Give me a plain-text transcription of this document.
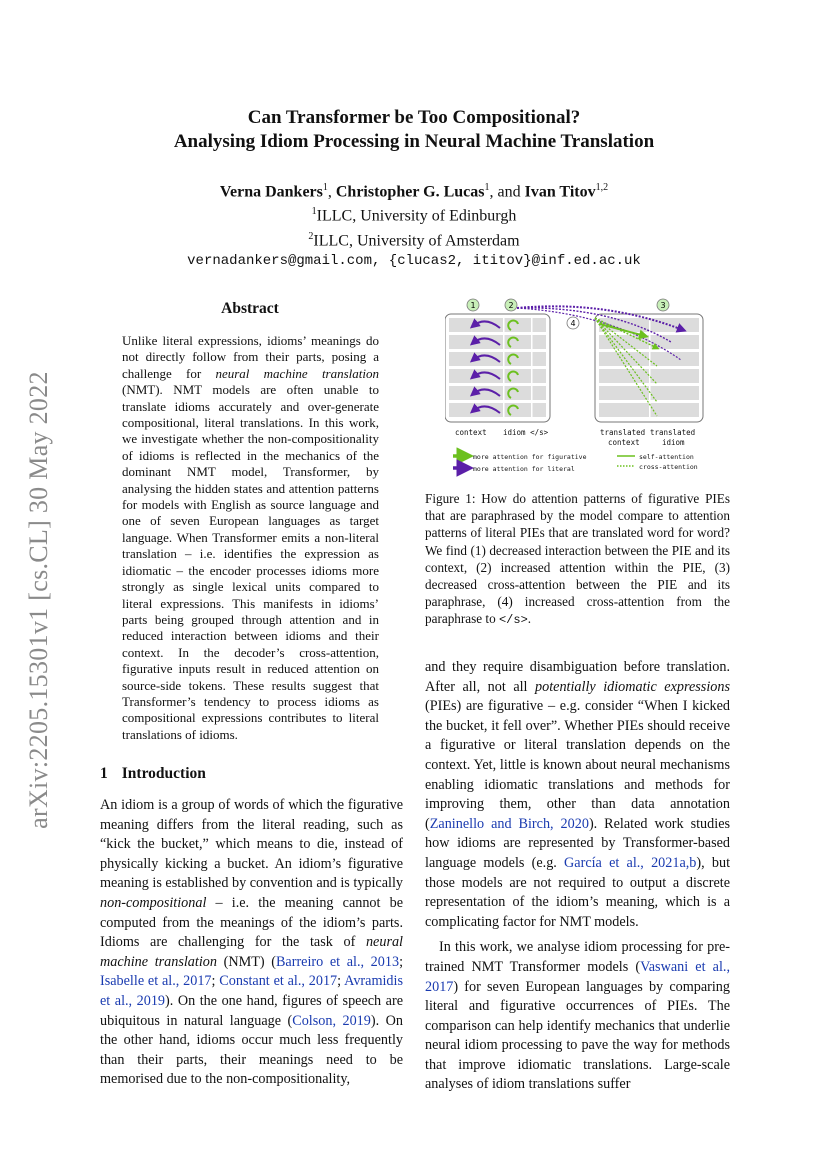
arXiv:2205.15301v1 [cs.CL] 30 May 2022
Can Transformer be Too Compositional?
Analysing Idiom Processing in Neural Machine Translation
Verna Dankers$^1$, Christopher G. Lucas$^1$, and Ivan Titov$^{1,2}$
$^1$ILLC, University of Edinburgh
$^2$ILLC, University of Amsterdam
vernadankers@gmail.com, {clucas2, ititov}@inf.ed.ac.uk
Abstract
Unlike literal expressions, idioms’ meanings do not directly follow from their parts, posing a challenge for neural machine translation (NMT). NMT models are often unable to translate idioms accurately and over-generate compositional, literal translations. In this work, we investigate whether the non-compositionality of idioms is reflected in the mechanics of the dominant NMT model, Transformer, by analysing the hidden states and attention patterns for models with English as source language and one of seven European languages as target language. When Transformer emits a non-literal translation – i.e. identifies the expression as idiomatic – the encoder processes idioms more strongly as single lexical units compared to literal expressions. This manifests in idioms’ parts being grouped through attention and in reduced interaction between idioms and their context. In the decoder’s cross-attention, figurative inputs result in reduced attention on source-side tokens. These results suggest that Transformer’s tendency to process idioms as compositional expressions contributes to literal translations of idioms.
1	2	3
4
context idiom </s>	translated
context
translated
idiom
more attention for figurative
more attention for literal
self-attention
cross-attention
Figure 1: How do attention patterns of figurative PIEs that are paraphrased by the model compare to attention patterns of literal PIEs that are translated word for word? We find (1) decreased interaction between the PIE and its context, (2) increased attention within the PIE, (3) decreased cross-attention between the PIE and its paraphrase, (4) increased cross-attention from the paraphrase to </s>.
1 Introduction
An idiom is a group of words of which the figurative meaning differs from the literal reading, such as “kick the bucket,” which means to die, instead of physically kicking a bucket. An idiom’s figurative meaning is established by convention and is typically non-compositional – i.e. the meaning cannot be computed from the meanings of the idiom’s parts. Idioms are challenging for the task of neural machine translation (NMT) (Barreiro et al., 2013; Isabelle et al., 2017; Constant et al., 2017; Avramidis et al., 2019). On the one hand, figures of speech are ubiquitous in natural language (Colson, 2019). On the other hand, idioms occur much less frequently than their parts, their meanings need to be memorised due to the non-compositionality,

and they require disambiguation before translation. After all, not all potentially idiomatic expressions (PIEs) are figurative – e.g. consider “When I kicked the bucket, it fell over”. Whether PIEs should receive a figurative or literal translation depends on the context. Yet, little is known about neural mechanisms enabling idiomatic translations and methods for improving them, other than data annotation (Zaninello and Birch, 2020). Related work studies how idioms are represented by Transformer-based language models (e.g. García et al., 2021a,b), but those models are not required to output a discrete representation of the idiom’s meaning, which is a complicating factor for NMT models.

In this work, we analyse idiom processing for pre-trained NMT Transformer models (Vaswani et al., 2017) for seven European languages by comparing literal and figurative occurrences of PIEs. The comparison can help identify mechanics that underlie neural idiom processing to pave the way for methods that improve idiomatic translations. Large-scale analyses of idiom translations suffer
